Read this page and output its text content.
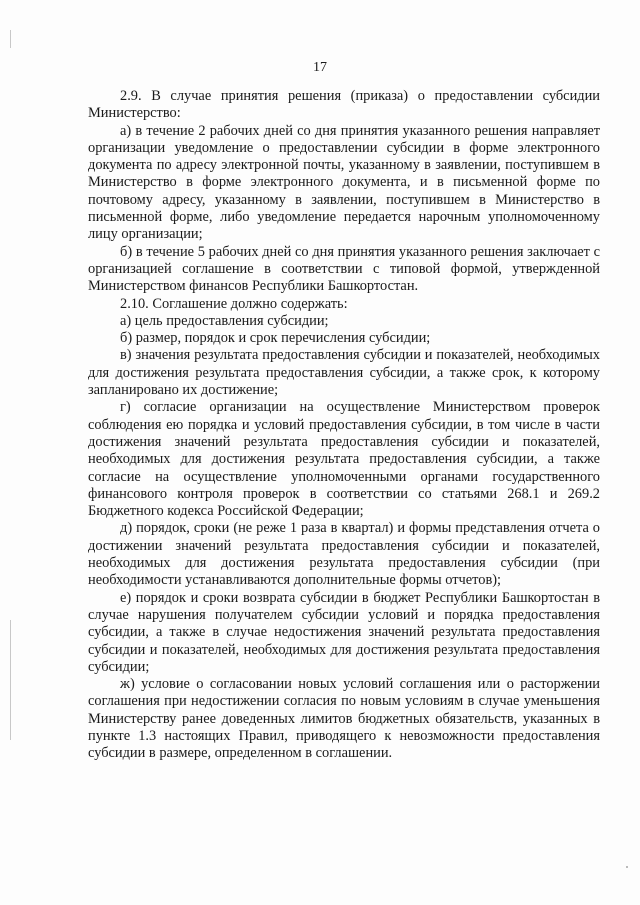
17

2.9. В случае принятия решения (приказа) о предоставлении субсидии Министерство:

а) в течение 2 рабочих дней со дня принятия указанного решения направляет организации уведомление о предоставлении субсидии в форме электронного документа по адресу электронной почты, указанному в заявлении, поступившем в Министерство в форме электронного документа, и в письменной форме по почтовому адресу, указанному в заявлении, поступившем в Министерство в письменной форме, либо уведомление передается нарочным уполномоченному лицу организации;

б) в течение 5 рабочих дней со дня принятия указанного решения заключает с организацией соглашение в соответствии с типовой формой, утвержденной Министерством финансов Республики Башкортостан.

2.10. Соглашение должно содержать:

а) цель предоставления субсидии;

б) размер, порядок и срок перечисления субсидии;

в) значения результата предоставления субсидии и показателей, необходимых для достижения результата предоставления субсидии, а также срок, к которому запланировано их достижение;

г) согласие организации на осуществление Министерством проверок соблюдения ею порядка и условий предоставления субсидии, в том числе в части достижения значений результата предоставления субсидии и показателей, необходимых для достижения результата предоставления субсидии, а также согласие на осуществление уполномоченными органами государственного финансового контроля проверок в соответствии со статьями 268.1 и 269.2 Бюджетного кодекса Российской Федерации;

д) порядок, сроки (не реже 1 раза в квартал) и формы представления отчета о достижении значений результата предоставления субсидии и показателей, необходимых для достижения результата предоставления субсидии (при необходимости устанавливаются дополнительные формы отчетов);

е) порядок и сроки возврата субсидии в бюджет Республики Башкортостан в случае нарушения получателем субсидии условий и порядка предоставления субсидии, а также в случае недостижения значений результата предоставления субсидии и показателей, необходимых для достижения результата предоставления субсидии;

ж) условие о согласовании новых условий соглашения или о расторжении соглашения при недостижении согласия по новым условиям в случае уменьшения Министерству ранее доведенных лимитов бюджетных обязательств, указанных в пункте 1.3 настоящих Правил, приводящего к невозможности предоставления субсидии в размере, определенном в соглашении.
